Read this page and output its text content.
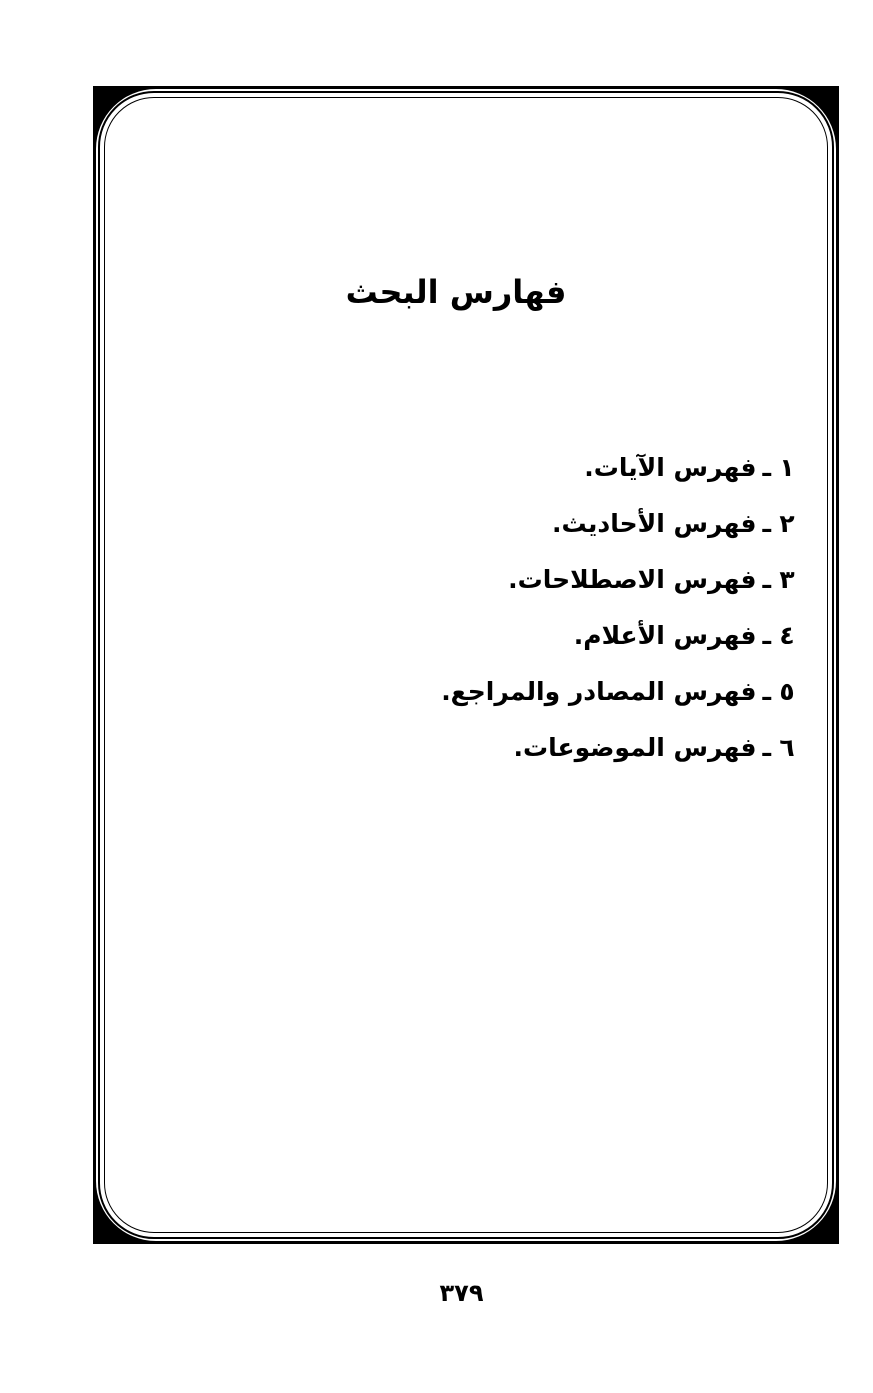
فهارس البحث
١ـفهرس الآيات.
٢ـفهرس الأحاديث.
٣ـفهرس الاصطلاحات.
٤ـفهرس الأعلام.
٥ـفهرس المصادر والمراجع.
٦ـفهرس الموضوعات.
٣٧٩
